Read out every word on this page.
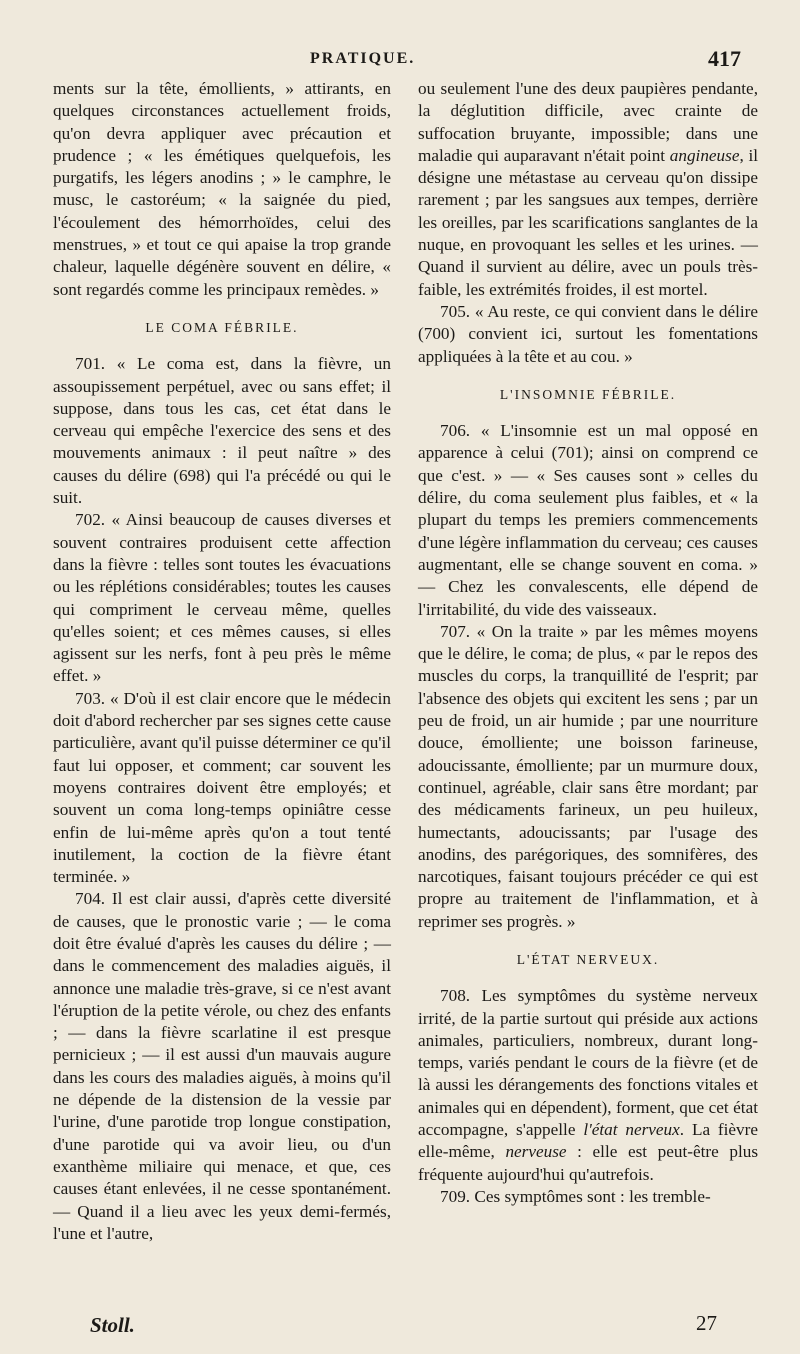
PRATIQUE.	417

ments sur la tête, émollients, » attirants, en quelques circonstances actuellement froids, qu'on devra appliquer avec précaution et prudence ; « les émétiques quelquefois, les purgatifs, les légers anodins ; » le camphre, le musc, le castoréum; « la saignée du pied, l'écoulement des hémorrhoïdes, celui des menstrues, » et tout ce qui apaise la trop grande chaleur, laquelle dégénère souvent en délire, « sont regardés comme les principaux remèdes. »

LE COMA FÉBRILE.

701. « Le coma est, dans la fièvre, un assoupissement perpétuel, avec ou sans effet; il suppose, dans tous les cas, cet état dans le cerveau qui empêche l'exercice des sens et des mouvements animaux : il peut naître » des causes du délire (698) qui l'a précédé ou qui le suit.

702. « Ainsi beaucoup de causes diverses et souvent contraires produisent cette affection dans la fièvre : telles sont toutes les évacuations ou les réplétions considérables; toutes les causes qui compriment le cerveau même, quelles qu'elles soient; et ces mêmes causes, si elles agissent sur les nerfs, font à peu près le même effet. »

703. « D'où il est clair encore que le médecin doit d'abord rechercher par ses signes cette cause particulière, avant qu'il puisse déterminer ce qu'il faut lui opposer, et comment; car souvent les moyens contraires doivent être employés; et souvent un coma long-temps opiniâtre cesse enfin de lui-même après qu'on a tout tenté inutilement, la coction de la fièvre étant terminée. »

704. Il est clair aussi, d'après cette diversité de causes, que le pronostic varie ; — le coma doit être évalué d'après les causes du délire ; — dans le commencement des maladies aiguës, il annonce une maladie très-grave, si ce n'est avant l'éruption de la petite vérole, ou chez des enfants ; — dans la fièvre scarlatine il est presque pernicieux ; — il est aussi d'un mauvais augure dans les cours des maladies aiguës, à moins qu'il ne dépende de la distension de la vessie par l'urine, d'une parotide trop longue constipation, d'une parotide qui va avoir lieu, ou d'un exanthème miliaire qui menace, et que, ces causes étant enlevées, il ne cesse spontanément. — Quand il a lieu avec les yeux demi-fermés, l'une et l'autre,

ou seulement l'une des deux paupières pendante, la déglutition difficile, avec crainte de suffocation bruyante, impossible; dans une maladie qui auparavant n'était point angineuse, il désigne une métastase au cerveau qu'on dissipe rarement ; par les sangsues aux tempes, derrière les oreilles, par les scarifications sanglantes de la nuque, en provoquant les selles et les urines. — Quand il survient au délire, avec un pouls très-faible, les extrémités froides, il est mortel.

705. « Au reste, ce qui convient dans le délire (700) convient ici, surtout les fomentations appliquées à la tête et au cou. »

L'INSOMNIE FÉBRILE.

706. « L'insomnie est un mal opposé en apparence à celui (701); ainsi on comprend ce que c'est. » — « Ses causes sont » celles du délire, du coma seulement plus faibles, et « la plupart du temps les premiers commencements d'une légère inflammation du cerveau; ces causes augmentant, elle se change souvent en coma. » — Chez les convalescents, elle dépend de l'irritabilité, du vide des vaisseaux.

707. « On la traite » par les mêmes moyens que le délire, le coma; de plus, « par le repos des muscles du corps, la tranquillité de l'esprit; par l'absence des objets qui excitent les sens ; par un peu de froid, un air humide ; par une nourriture douce, émolliente; une boisson farineuse, adoucissante, émolliente; par un murmure doux, continuel, agréable, clair sans être mordant; par des médicaments farineux, un peu huileux, humectants, adoucissants; par l'usage des anodins, des parégoriques, des somnifères, des narcotiques, faisant toujours précéder ce qui est propre au traitement de l'inflammation, et à reprimer ses progrès. »

L'ÉTAT NERVEUX.

708. Les symptômes du système nerveux irrité, de la partie surtout qui préside aux actions animales, particuliers, nombreux, durant long-temps, variés pendant le cours de la fièvre (et de là aussi les dérangements des fonctions vitales et animales qui en dépendent), forment, que cet état accompagne, s'appelle l'état nerveux. La fièvre elle-même, nerveuse : elle est peut-être plus fréquente aujourd'hui qu'autrefois.

709. Ces symptômes sont : les tremble-

Stoll.	27
